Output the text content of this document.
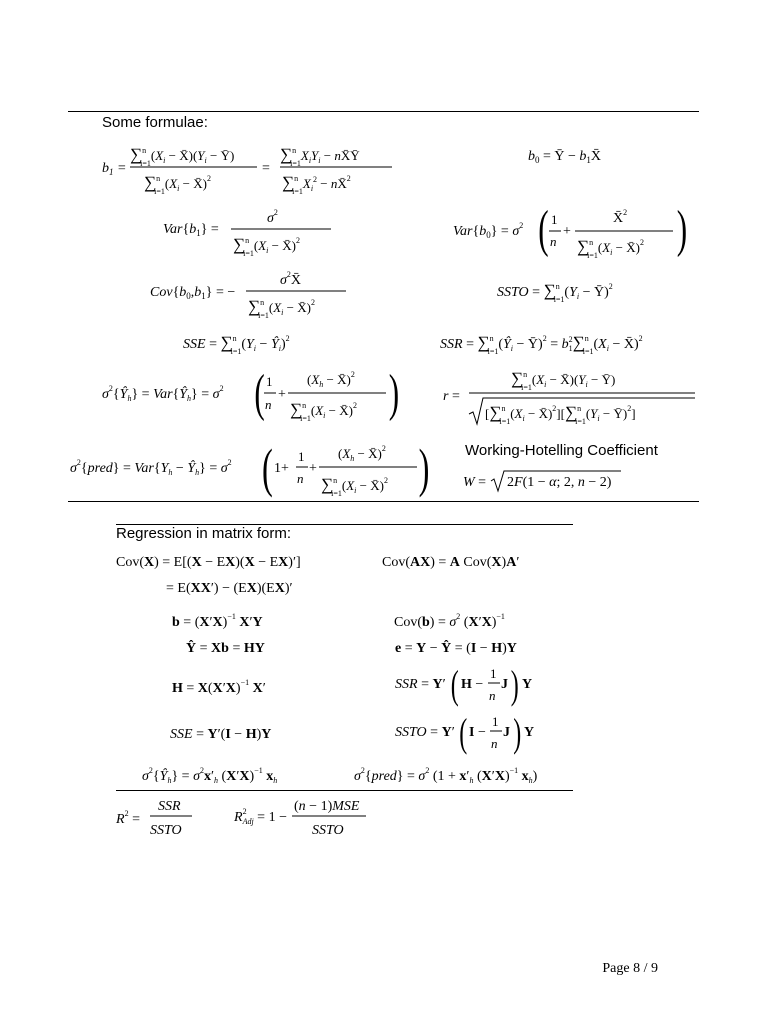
Some formulae:
$b_1$ =
∑$^n$ $i=1(X_i$ − $X̄)(Y_i$ − Ȳ)
∑$^n$ $i=1(X_i$ − X̄)$^2$
=
∑$^n$ $i=1X_iY_i$ − nX̄Ȳ
∑$^n$ $i=1X_i^2$ − nX̄$^2$
$b_0$ = Ȳ − $b_1X̄$
$Var\{b_1\}$ =
$\sigma^2$
∑$^n$ $i=1(X_i$ − X̄)$^2$
$Var\{b_0\} = \sigma^2$ ( 1
n
+
X̄$^2$
∑$^n$ $i=1(X_i$ − X̄)$^2$ )
$Cov\{b_0,b_1\}$ = −
$\sigma^2X̄$
∑$^n$ $i=1(X_i$ − X̄)$^2$
SSTO = ∑$^n$ $i=1(Y_i$ − Ȳ)$^2$
SSE = ∑$^n$ $i=1(Y_i$ − $Ŷ_i)^2$	SSR = ∑$^n$ $i=1(Ŷ_i$ − Ȳ)$^2$ = $b^2$ 1∑$^n$ $i=1(X_i$ − X̄)$^2$
$\sigma^2\{Ŷ_h\}$ = $Var\{Ŷ_h\} = \sigma^2$ ( 1
n
+
($X_h$ − X̄)$^2$
∑$^n$ $i=1(X_i$ − X̄)$^2$ )	r =
∑$^n$ $i=1(X_i$ − $X̄)(Y_i$ − Ȳ)
[∑$^n$ $i=1(X_i$ − X̄)$^2$][∑$^n$ $i=1(Y_i$ − Ȳ)$^2$]
$\sigma^2\{pred\} = Var\{Y_h$ − $Ŷ_h\} = \sigma^2$ ( 1+
1
n
+
($X_h$ − X̄)$^2$
∑$^n$ $i=1(X_i$ − X̄)$^2$ ) Working-Hotelling Coefficient
W = 2F(1 − α; 2, n − 2)
Regression in matrix form:
Cov(X) = E[(X − EX)(X − EX)′]
= E(XX′) − (EX)(EX)′
Cov(AX) = A Cov(X)A′
$b = (X'X)^{-1}$ X′Y	$Cov(b) = \sigma^2$ $(X'X)^{-1}$
Ŷ = Xb = HY	e = Y − Ŷ = (I − H)Y
$H = X(X'X)^{-1}$ X′	SSR = Y′ ( H −
1
n
J ) Y
SSE = Y′(I − H)Y	SSTO = Y′ ( I −
1
n
J ) Y
$\sigma^2\{Ŷ_h\} = \sigma^2x'_h$ $(X'X)^{-1}$ $x_h$	$\sigma^2\{pred\} = \sigma^2$ ($1 + x'_h$ $(X'X)^{-1}$ $x_h$)
$R^2$ =
SSR
SSTO
$R^2$ Adj = 1 −
(n − 1)MSE
SSTO
Page 8 / 9
